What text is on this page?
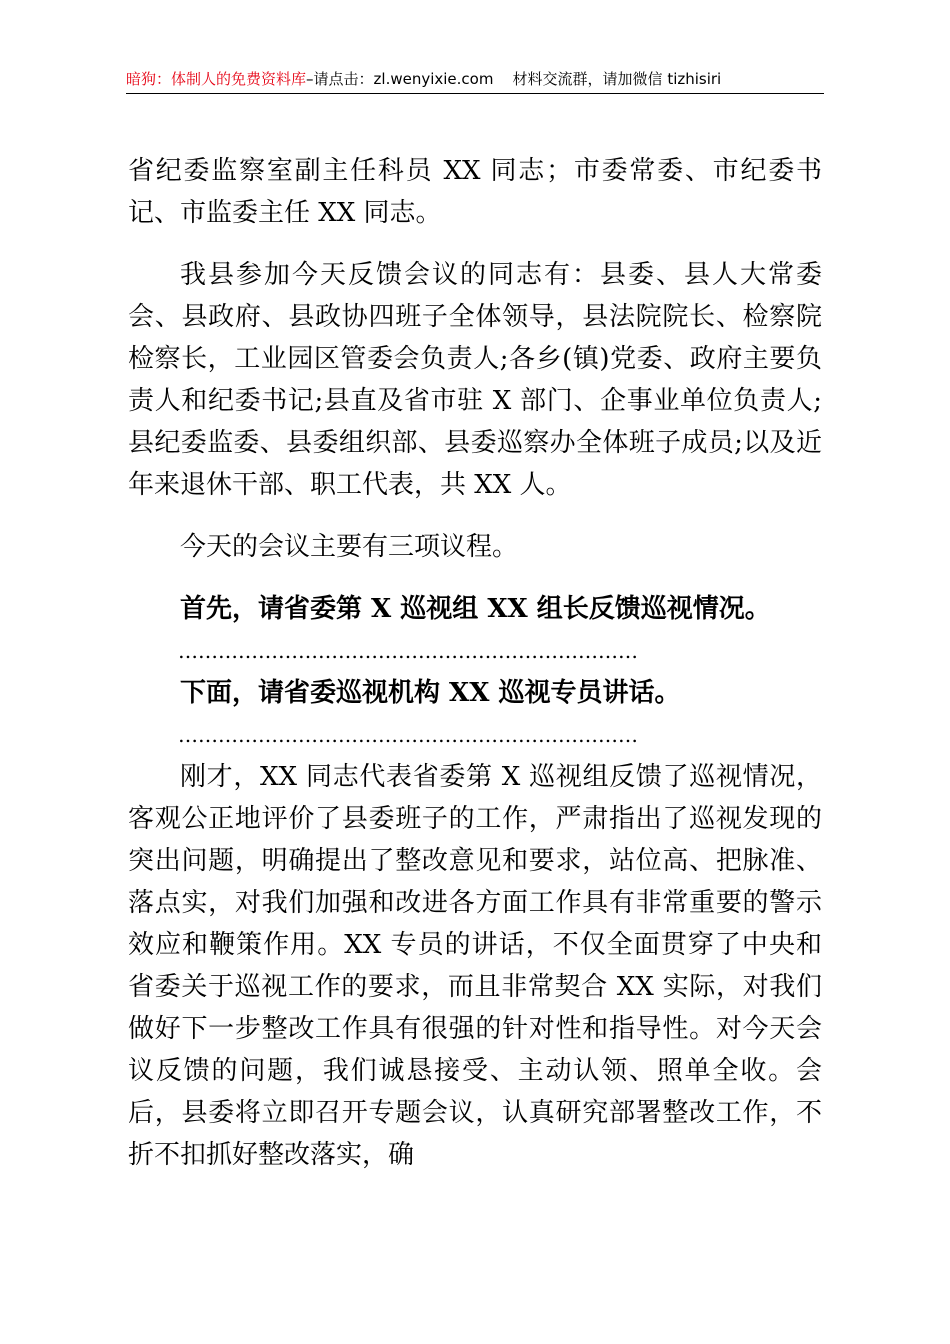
暗狗：体制人的免费资料库–请点击：zl.wenyixie.com 材料交流群，请加微信 tizhisiri

省纪委监察室副主任科员 XX 同志；市委常委、市纪委书记、市监委主任 XX 同志。

我县参加今天反馈会议的同志有：县委、县人大常委会、县政府、县政协四班子全体领导，县法院院长、检察院检察长，工业园区管委会负责人;各乡(镇)党委、政府主要负责人和纪委书记;县直及省市驻 X 部门、企事业单位负责人;县纪委监委、县委组织部、县委巡察办全体班子成员;以及近年来退休干部、职工代表，共 XX 人。

今天的会议主要有三项议程。

首先，请省委第 X 巡视组 XX 组长反馈巡视情况。

……………………………………………………………

下面，请省委巡视机构 XX 巡视专员讲话。

……………………………………………………………

刚才，XX 同志代表省委第 X 巡视组反馈了巡视情况，客观公正地评价了县委班子的工作，严肃指出了巡视发现的突出问题，明确提出了整改意见和要求，站位高、把脉准、落点实，对我们加强和改进各方面工作具有非常重要的警示效应和鞭策作用。XX 专员的讲话，不仅全面贯穿了中央和省委关于巡视工作的要求，而且非常契合 XX 实际，对我们做好下一步整改工作具有很强的针对性和指导性。对今天会议反馈的问题，我们诚恳接受、主动认领、照单全收。会后，县委将立即召开专题会议，认真研究部署整改工作，不折不扣抓好整改落实，确
